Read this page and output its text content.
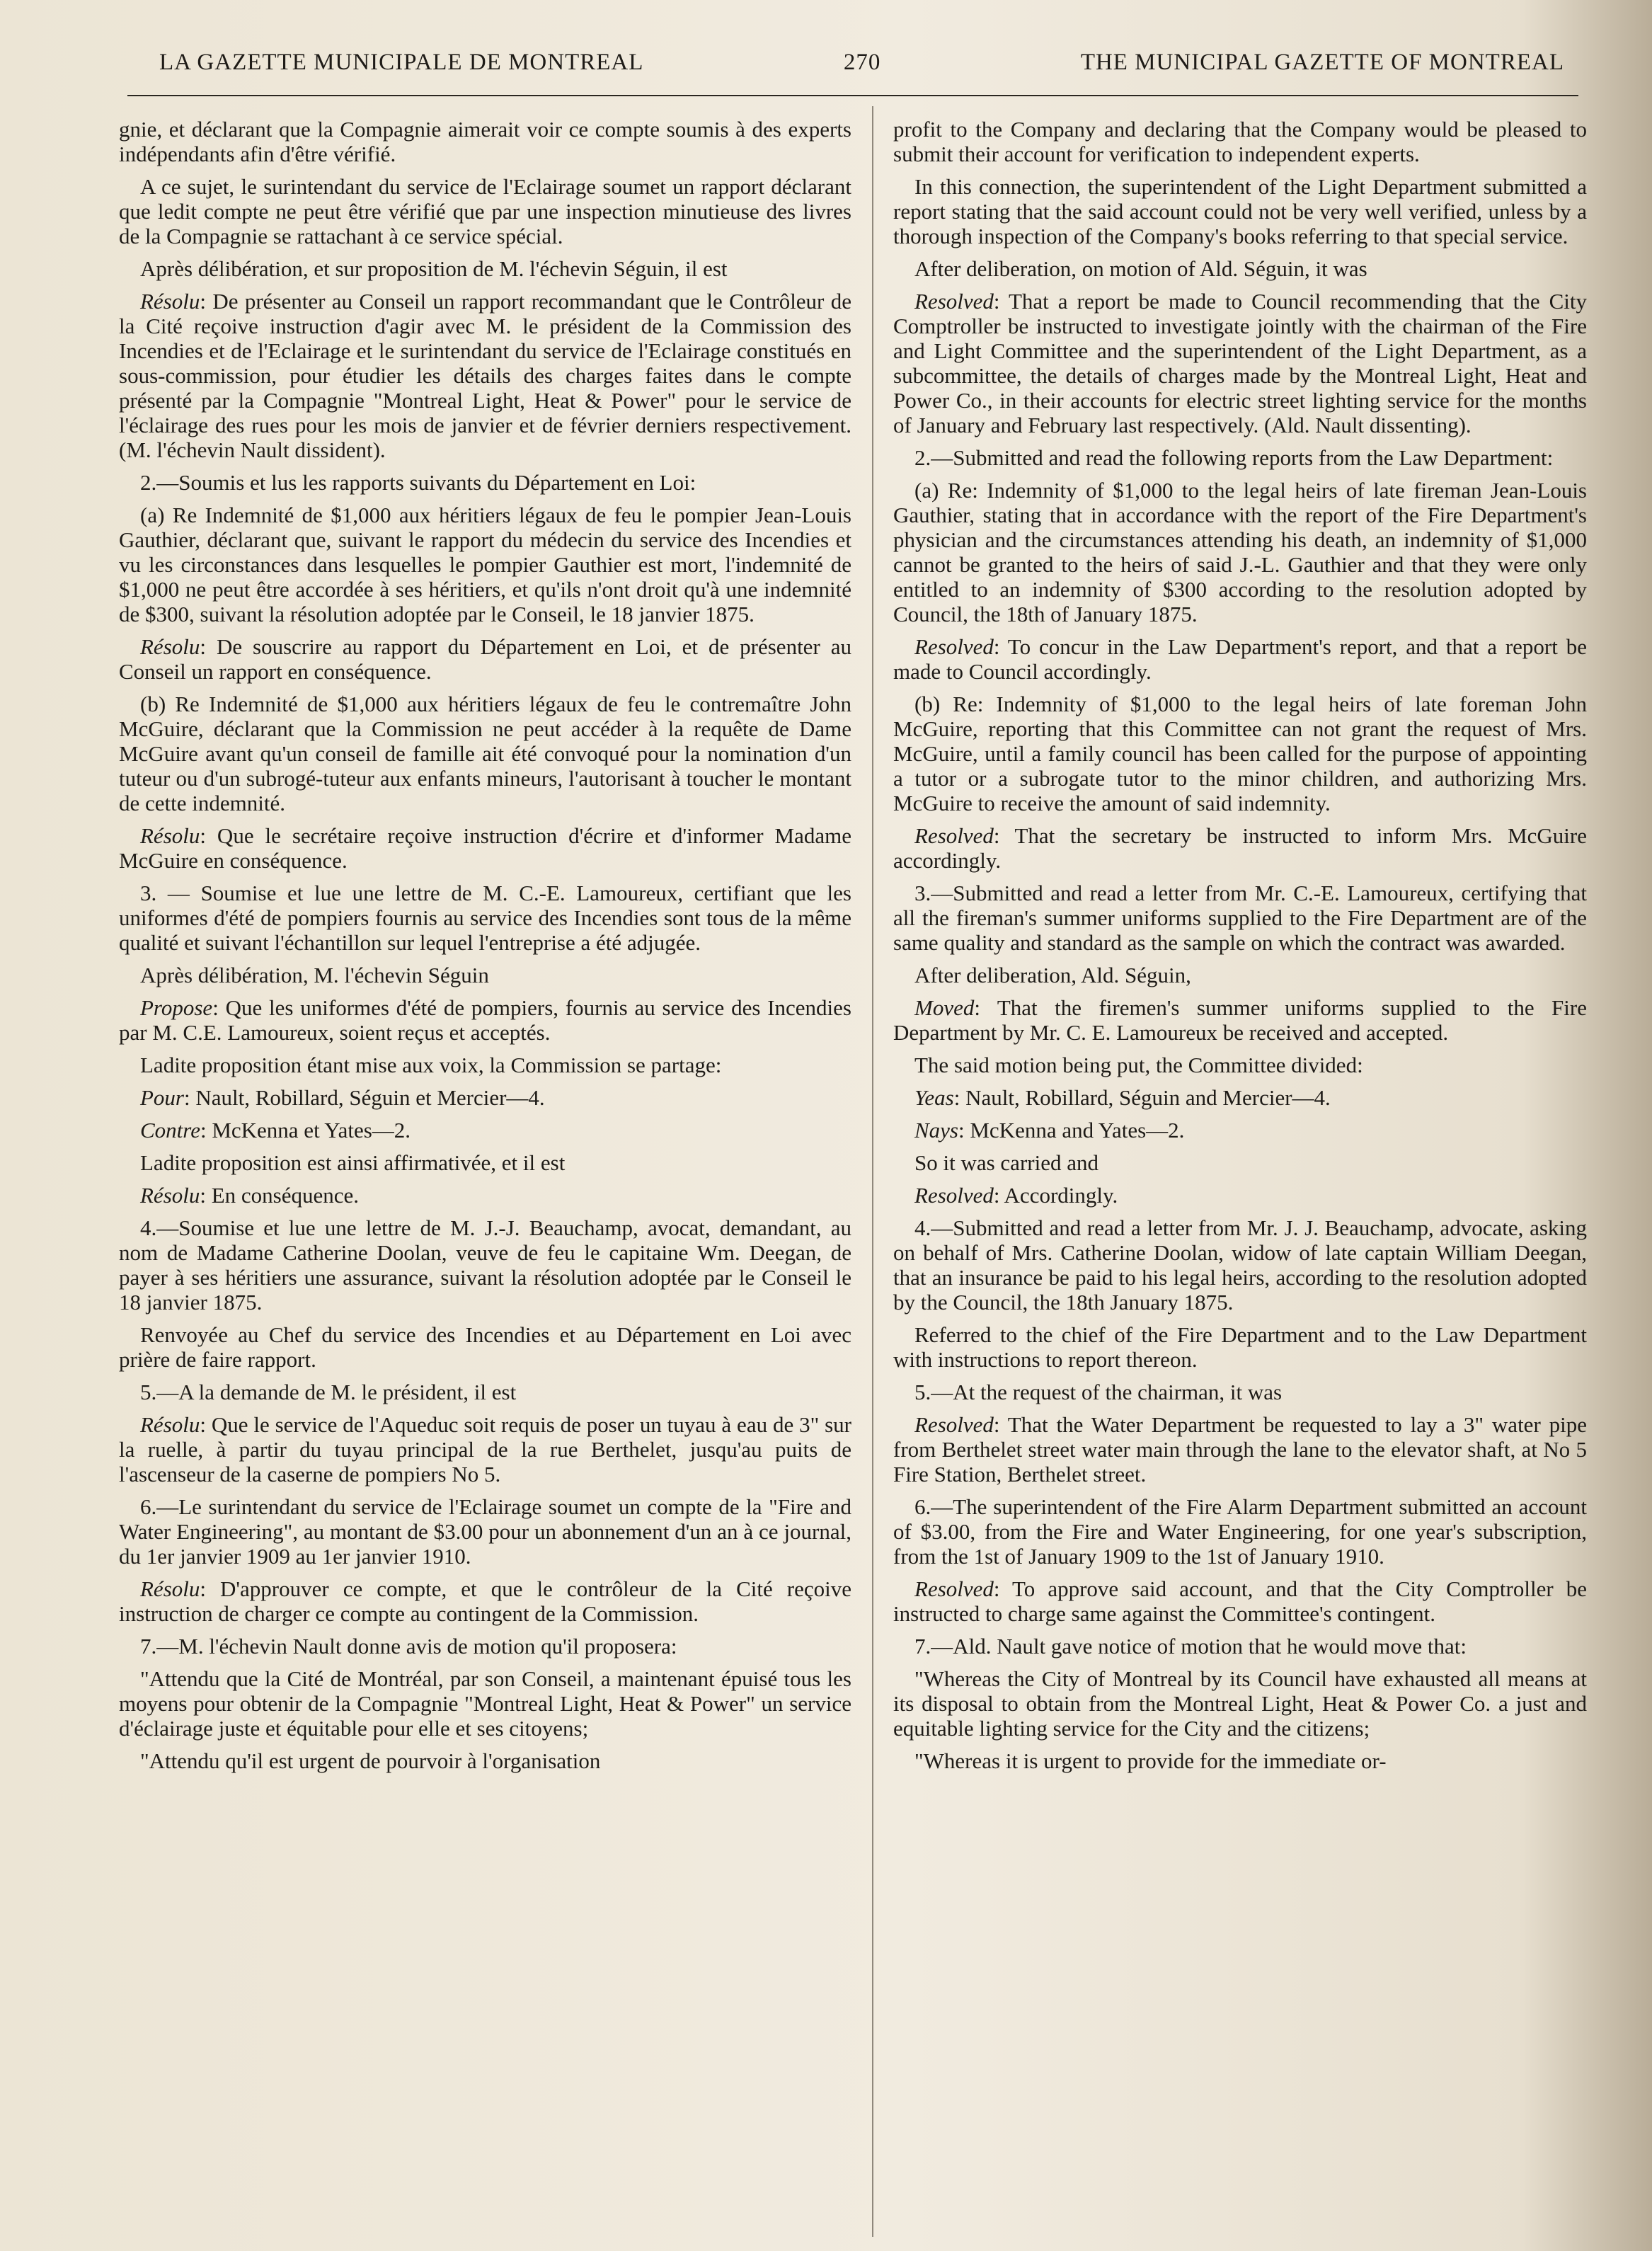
LA GAZETTE MUNICIPALE DE MONTREAL	270	THE MUNICIPAL GAZETTE OF MONTREAL

gnie, et déclarant que la Compagnie aimerait voir ce compte soumis à des experts indépendants afin d'être vérifié.

A ce sujet, le surintendant du service de l'Eclairage soumet un rapport déclarant que ledit compte ne peut être vérifié que par une inspection minutieuse des livres de la Compagnie se rattachant à ce service spécial.

Après délibération, et sur proposition de M. l'échevin Séguin, il est

Résolu: De présenter au Conseil un rapport recommandant que le Contrôleur de la Cité reçoive instruction d'agir avec M. le président de la Commission des Incendies et de l'Eclairage et le surintendant du service de l'Eclairage constitués en sous-commission, pour étudier les détails des charges faites dans le compte présenté par la Compagnie "Montreal Light, Heat & Power" pour le service de l'éclairage des rues pour les mois de janvier et de février derniers respectivement. (M. l'échevin Nault dissident).

2.—Soumis et lus les rapports suivants du Département en Loi:

(a) Re Indemnité de $1,000 aux héritiers légaux de feu le pompier Jean-Louis Gauthier, déclarant que, suivant le rapport du médecin du service des Incendies et vu les circonstances dans lesquelles le pompier Gauthier est mort, l'indemnité de $1,000 ne peut être accordée à ses héritiers, et qu'ils n'ont droit qu'à une indemnité de $300, suivant la résolution adoptée par le Conseil, le 18 janvier 1875.

Résolu: De souscrire au rapport du Département en Loi, et de présenter au Conseil un rapport en conséquence.

(b) Re Indemnité de $1,000 aux héritiers légaux de feu le contremaître John McGuire, déclarant que la Commission ne peut accéder à la requête de Dame McGuire avant qu'un conseil de famille ait été convoqué pour la nomination d'un tuteur ou d'un subrogé-tuteur aux enfants mineurs, l'autorisant à toucher le montant de cette indemnité.

Résolu: Que le secrétaire reçoive instruction d'écrire et d'informer Madame McGuire en conséquence.

3. — Soumise et lue une lettre de M. C.-E. Lamoureux, certifiant que les uniformes d'été de pompiers fournis au service des Incendies sont tous de la même qualité et suivant l'échantillon sur lequel l'entreprise a été adjugée.

Après délibération, M. l'échevin Séguin

Propose: Que les uniformes d'été de pompiers, fournis au service des Incendies par M. C.E. Lamoureux, soient reçus et acceptés.

Ladite proposition étant mise aux voix, la Commission se partage:

Pour: Nault, Robillard, Séguin et Mercier—4.

Contre: McKenna et Yates—2.

Ladite proposition est ainsi affirmativée, et il est

Résolu: En conséquence.

4.—Soumise et lue une lettre de M. J.-J. Beauchamp, avocat, demandant, au nom de Madame Catherine Doolan, veuve de feu le capitaine Wm. Deegan, de payer à ses héritiers une assurance, suivant la résolution adoptée par le Conseil le 18 janvier 1875.

Renvoyée au Chef du service des Incendies et au Département en Loi avec prière de faire rapport.

5.—A la demande de M. le président, il est

Résolu: Que le service de l'Aqueduc soit requis de poser un tuyau à eau de 3" sur la ruelle, à partir du tuyau principal de la rue Berthelet, jusqu'au puits de l'ascenseur de la caserne de pompiers No 5.

6.—Le surintendant du service de l'Eclairage soumet un compte de la "Fire and Water Engineering", au montant de $3.00 pour un abonnement d'un an à ce journal, du 1er janvier 1909 au 1er janvier 1910.

Résolu: D'approuver ce compte, et que le contrôleur de la Cité reçoive instruction de charger ce compte au contingent de la Commission.

7.—M. l'échevin Nault donne avis de motion qu'il proposera:

"Attendu que la Cité de Montréal, par son Conseil, a maintenant épuisé tous les moyens pour obtenir de la Compagnie "Montreal Light, Heat & Power" un service d'éclairage juste et équitable pour elle et ses citoyens;

"Attendu qu'il est urgent de pourvoir à l'organisation

profit to the Company and declaring that the Company would be pleased to submit their account for verification to independent experts.

In this connection, the superintendent of the Light Department submitted a report stating that the said account could not be very well verified, unless by a thorough inspection of the Company's books referring to that special service.

After deliberation, on motion of Ald. Séguin, it was

Resolved: That a report be made to Council recommending that the City Comptroller be instructed to investigate jointly with the chairman of the Fire and Light Committee and the superintendent of the Light Department, as a subcommittee, the details of charges made by the Montreal Light, Heat and Power Co., in their accounts for electric street lighting service for the months of January and February last respectively. (Ald. Nault dissenting).

2.—Submitted and read the following reports from the Law Department:

(a) Re: Indemnity of $1,000 to the legal heirs of late fireman Jean-Louis Gauthier, stating that in accordance with the report of the Fire Department's physician and the circumstances attending his death, an indemnity of $1,000 cannot be granted to the heirs of said J.-L. Gauthier and that they were only entitled to an indemnity of $300 according to the resolution adopted by Council, the 18th of January 1875.

Resolved: To concur in the Law Department's report, and that a report be made to Council accordingly.

(b) Re: Indemnity of $1,000 to the legal heirs of late foreman John McGuire, reporting that this Committee can not grant the request of Mrs. McGuire, until a family council has been called for the purpose of appointing a tutor or a subrogate tutor to the minor children, and authorizing Mrs. McGuire to receive the amount of said indemnity.

Resolved: That the secretary be instructed to inform Mrs. McGuire accordingly.

3.—Submitted and read a letter from Mr. C.-E. Lamoureux, certifying that all the fireman's summer uniforms supplied to the Fire Department are of the same quality and standard as the sample on which the contract was awarded.

After deliberation, Ald. Séguin,

Moved: That the firemen's summer uniforms supplied to the Fire Department by Mr. C. E. Lamoureux be received and accepted.

The said motion being put, the Committee divided:

Yeas: Nault, Robillard, Séguin and Mercier—4.

Nays: McKenna and Yates—2.

So it was carried and

Resolved: Accordingly.

4.—Submitted and read a letter from Mr. J. J. Beauchamp, advocate, asking on behalf of Mrs. Catherine Doolan, widow of late captain William Deegan, that an insurance be paid to his legal heirs, according to the resolution adopted by the Council, the 18th January 1875.

Referred to the chief of the Fire Department and to the Law Department with instructions to report thereon.

5.—At the request of the chairman, it was

Resolved: That the Water Department be requested to lay a 3" water pipe from Berthelet street water main through the lane to the elevator shaft, at No 5 Fire Station, Berthelet street.

6.—The superintendent of the Fire Alarm Department submitted an account of $3.00, from the Fire and Water Engineering, for one year's subscription, from the 1st of January 1909 to the 1st of January 1910.

Resolved: To approve said account, and that the City Comptroller be instructed to charge same against the Committee's contingent.

7.—Ald. Nault gave notice of motion that he would move that:

"Whereas the City of Montreal by its Council have exhausted all means at its disposal to obtain from the Montreal Light, Heat & Power Co. a just and equitable lighting service for the City and the citizens;

"Whereas it is urgent to provide for the immediate or-
